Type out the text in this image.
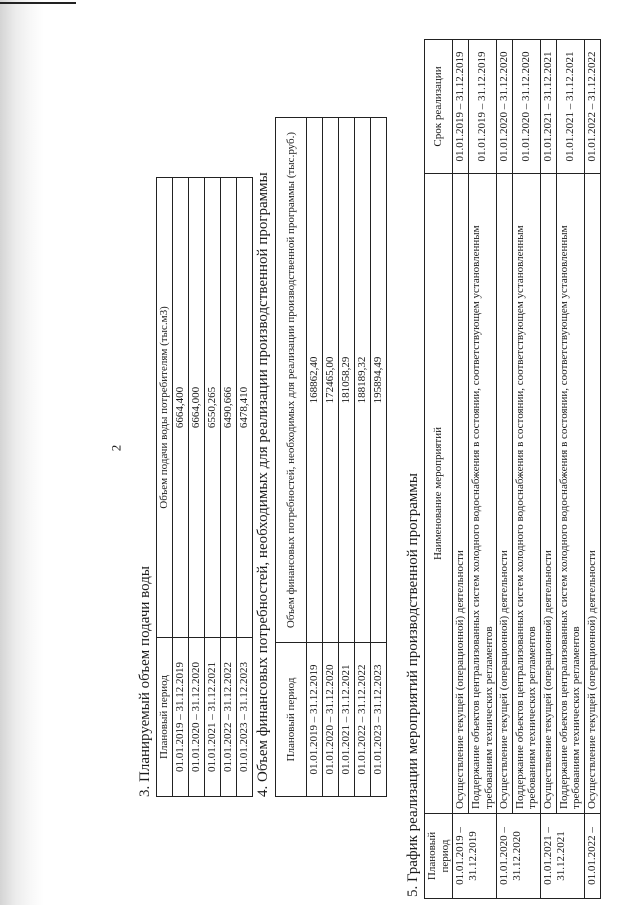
3. Планируемый объем подачи воды Плановый период	Объем подачи воды потребителям (тыс.м3)
01.01.2019 – 31.12.2019	6664,400
01.01.2020 – 31.12.2020	6664,000
01.01.2021 – 31.12.2021	6550,265
01.01.2022 – 31.12.2022	6490,666
01.01.2023 – 31.12.2023	6478,410 4. Объем финансовых потребностей, необходимых для реализации производственной программы Плановый период	Объем финансовых потребностей, необходимых для реализации производственной программы (тыс.руб.)
01.01.2019 – 31.12.2019	168862,40
01.01.2020 – 31.12.2020	172465,00
01.01.2021 – 31.12.2021	181058,29
01.01.2022 – 31.12.2022	188189,32
01.01.2023 – 31.12.2023	195894,49
5. График реализации мероприятий производственной программы Плановый период	Наименование мероприятий	Срок реализации
01.01.2019 – 31.12.2019	Осуществление текущей (операционной) деятельности	01.01.2019 – 31.12.2019
	Поддержание объектов централизованных систем холодного водоснабжения в состоянии, соответствующем установленным требованиям технических регламентов	01.01.2019 – 31.12.2019
01.01.2020 – 31.12.2020	Осуществление текущей (операционной) деятельности	01.01.2020 – 31.12.2020
	Поддержание объектов централизованных систем холодного водоснабжения в состоянии, соответствующем установленным требованиям технических регламентов	01.01.2020 – 31.12.2020
01.01.2021 – 31.12.2021	Осуществление текущей (операционной) деятельности	01.01.2021 – 31.12.2021
	Поддержание объектов централизованных систем холодного водоснабжения в состоянии, соответствующем установленным требованиям технических регламентов	01.01.2021 – 31.12.2021
01.01.2022 –	Осуществление текущей (операционной) деятельности	01.01.2022 – 31.12.2022
2
